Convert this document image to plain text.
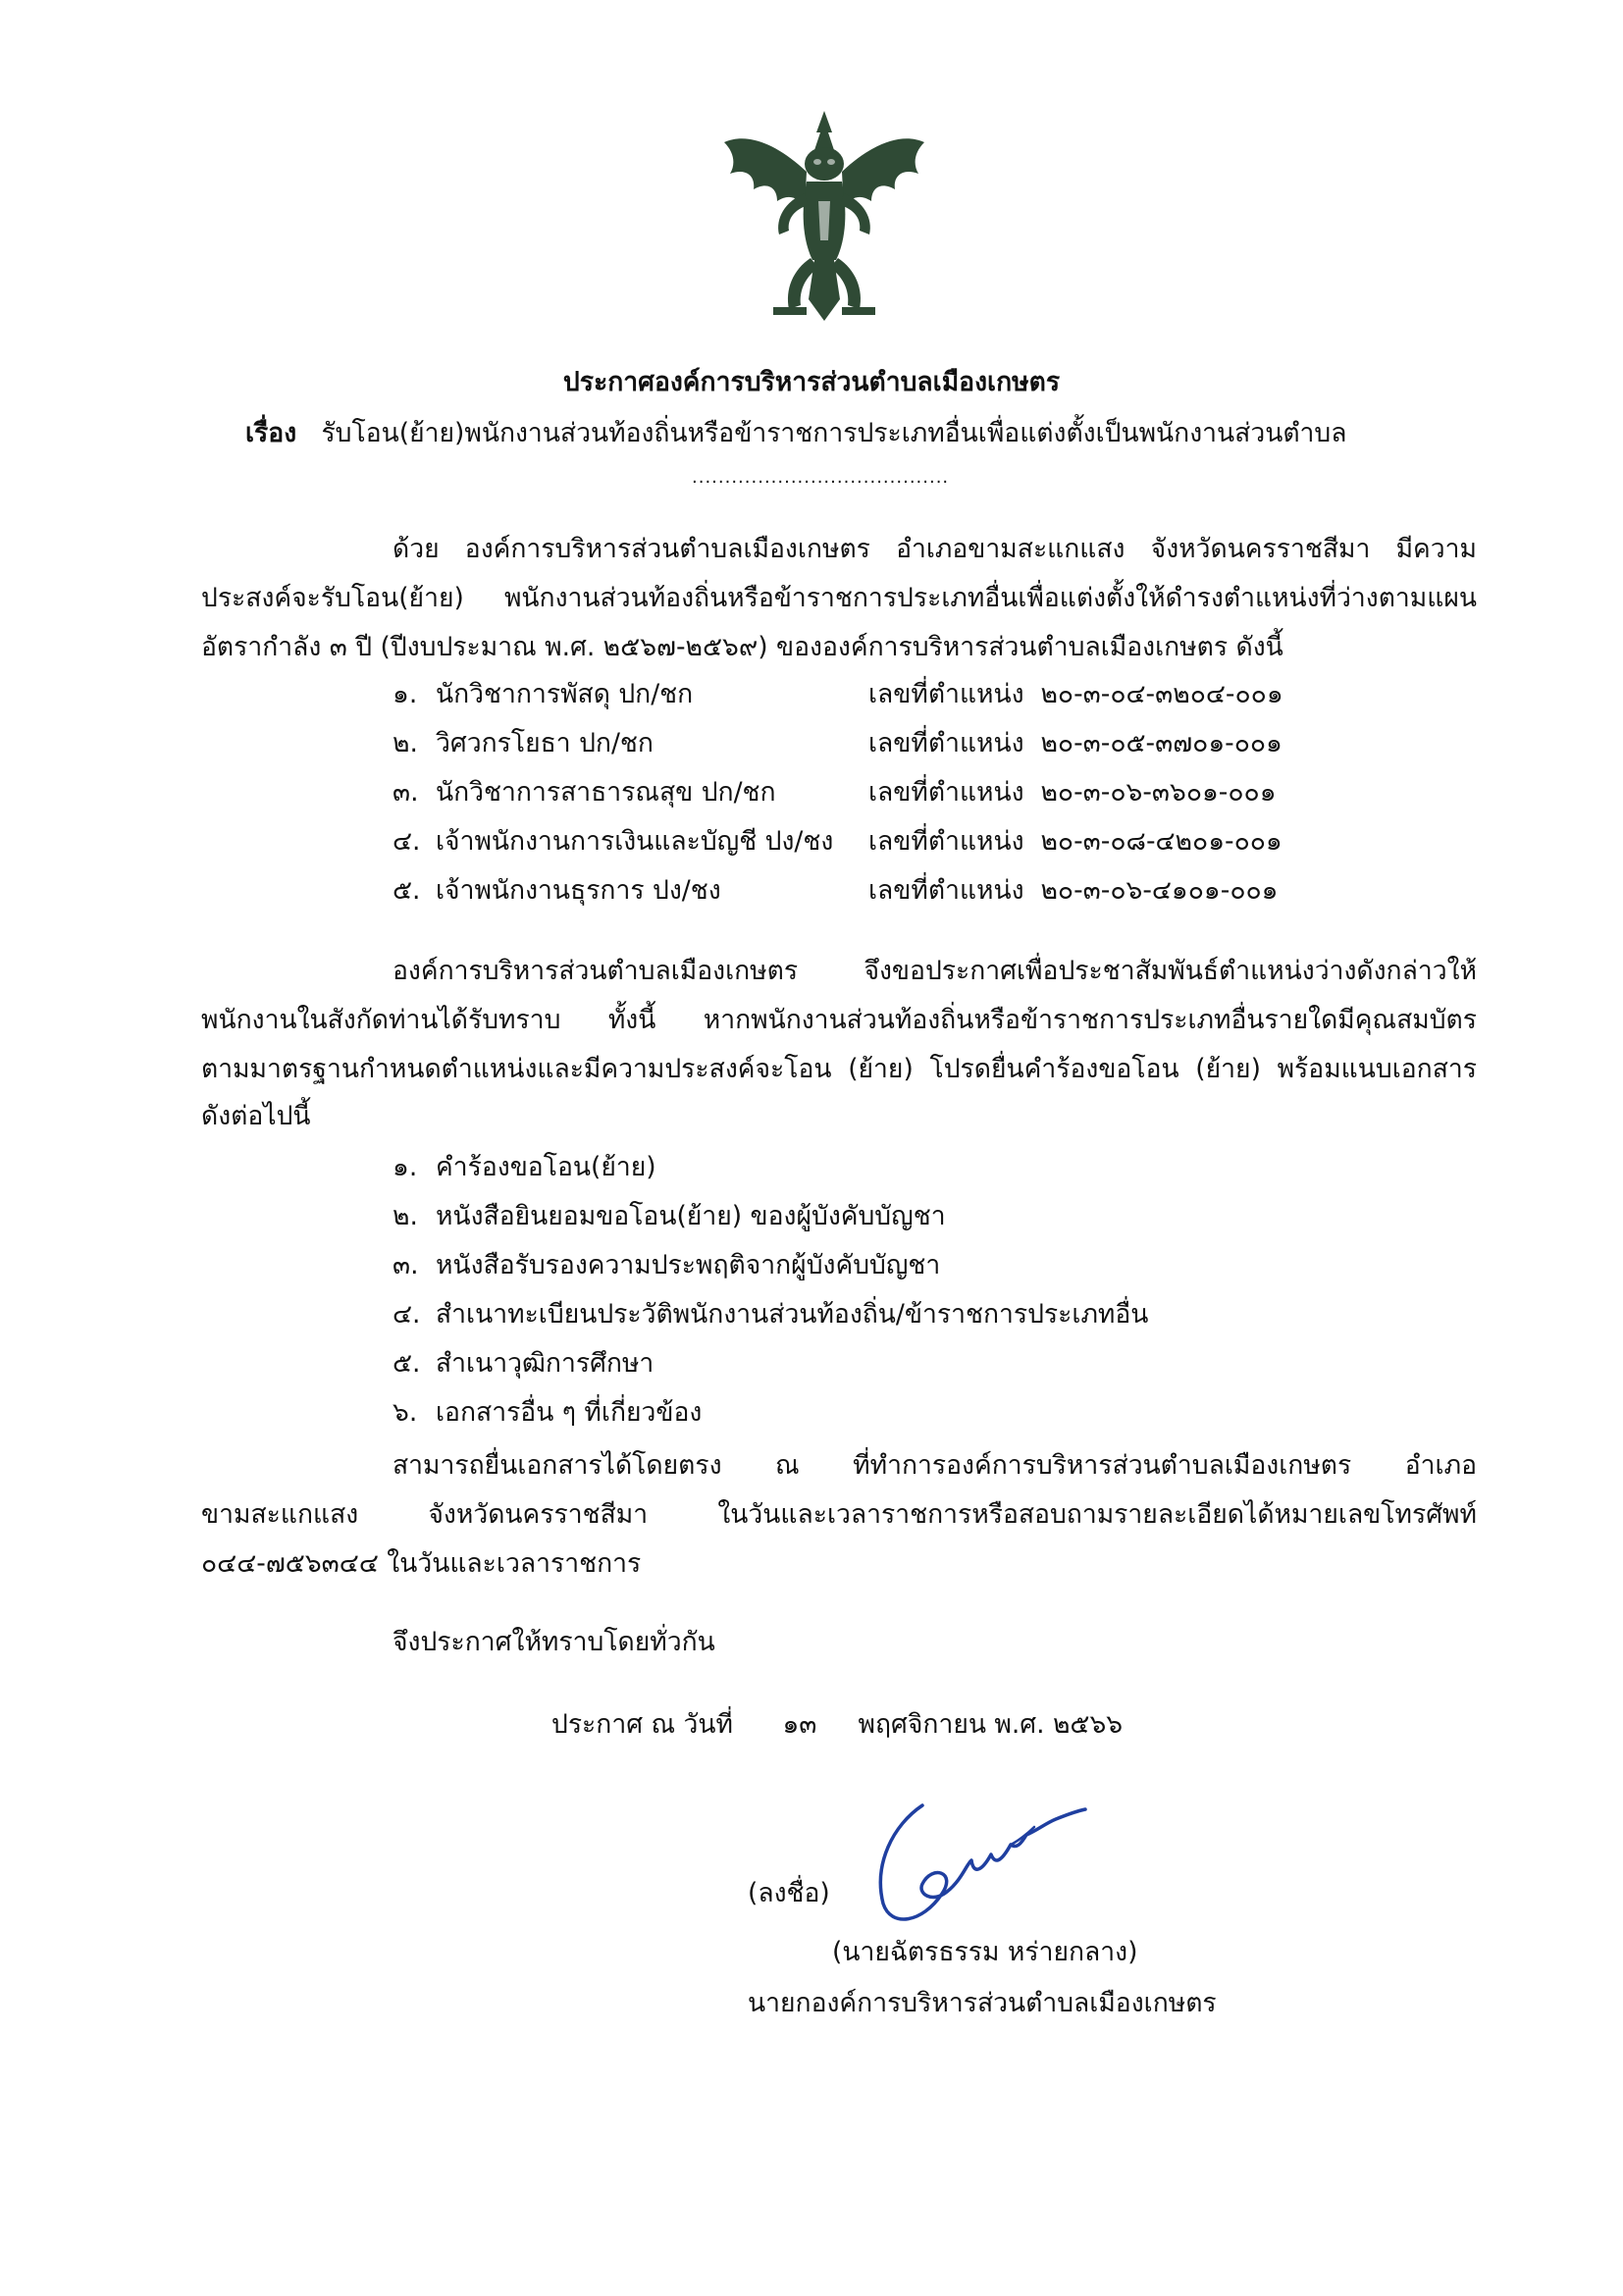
ประกาศองค์การบริหารส่วนตำบลเมืองเกษตร
เรื่อง รับโอน(ย้าย)พนักงานส่วนท้องถิ่นหรือข้าราชการประเภทอื่นเพื่อแต่งตั้งเป็นพนักงานส่วนตำบล
.......................................
ด้วย องค์การบริหารส่วนตำบลเมืองเกษตร อำเภอขามสะแกแสง จังหวัดนครราชสีมา มีความ
ประสงค์จะรับโอน(ย้าย) พนักงานส่วนท้องถิ่นหรือข้าราชการประเภทอื่นเพื่อแต่งตั้งให้ดำรงตำแหน่งที่ว่างตามแผน
อัตรากำลัง ๓ ปี (ปีงบประมาณ พ.ศ. ๒๕๖๗-๒๕๖๙) ขององค์การบริหารส่วนตำบลเมืองเกษตร ดังนี้
๑. นักวิชาการพัสดุ ปก/ชก	เลขที่ตำแหน่ง ๒๐-๓-๐๔-๓๒๐๔-๐๐๑
๒. วิศวกรโยธา ปก/ชก	เลขที่ตำแหน่ง ๒๐-๓-๐๕-๓๗๐๑-๐๐๑
๓. นักวิชาการสาธารณสุข ปก/ชก	เลขที่ตำแหน่ง ๒๐-๓-๐๖-๓๖๐๑-๐๐๑
๔. เจ้าพนักงานการเงินและบัญชี ปง/ชง เลขที่ตำแหน่ง ๒๐-๓-๐๘-๔๒๐๑-๐๐๑
๕. เจ้าพนักงานธุรการ ปง/ชง	เลขที่ตำแหน่ง ๒๐-๓-๐๖-๔๑๐๑-๐๐๑
องค์การบริหารส่วนตำบลเมืองเกษตร จึงขอประกาศเพื่อประชาสัมพันธ์ตำแหน่งว่างดังกล่าวให้
พนักงานในสังกัดท่านได้รับทราบ ทั้งนี้ หากพนักงานส่วนท้องถิ่นหรือข้าราชการประเภทอื่นรายใดมีคุณสมบัตร
ตามมาตรฐานกำหนดตำแหน่งและมีความประสงค์จะโอน (ย้าย) โปรดยื่นคำร้องขอโอน (ย้าย) พร้อมแนบเอกสาร
ดังต่อไปนี้
๑. คำร้องขอโอน(ย้าย)
๒. หนังสือยินยอมขอโอน(ย้าย) ของผู้บังคับบัญชา
๓. หนังสือรับรองความประพฤติจากผู้บังคับบัญชา
๔. สำเนาทะเบียนประวัติพนักงานส่วนท้องถิ่น/ข้าราชการประเภทอื่น
๕. สำเนาวุฒิการศึกษา
๖. เอกสารอื่น ๆ ที่เกี่ยวข้อง
สามารถยื่นเอกสารได้โดยตรง ณ ที่ทำการองค์การบริหารส่วนตำบลเมืองเกษตร อำเภอ
ขามสะแกแสง จังหวัดนครราชสีมา ในวันและเวลาราชการหรือสอบถามรายละเอียดได้หมายเลขโทรศัพท์
๐๔๔-๗๕๖๓๔๔ ในวันและเวลาราชการ
จึงประกาศให้ทราบโดยทั่วกัน
ประกาศ ณ วันที่ ๑๓ พฤศจิกายน พ.ศ. ๒๕๖๖
(ลงชื่อ)
(นายฉัตรธรรม หร่ายกลาง)
นายกองค์การบริหารส่วนตำบลเมืองเกษตร
